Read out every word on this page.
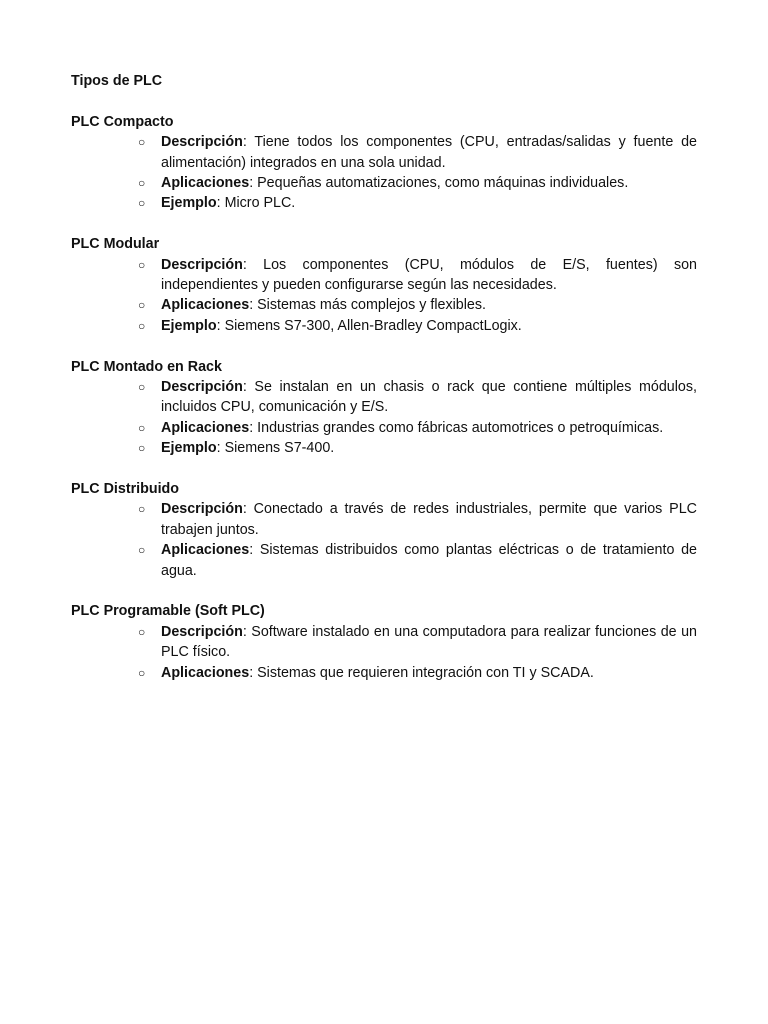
Tipos de PLC
PLC Compacto
○ Descripción: Tiene todos los componentes (CPU, entradas/salidas y fuente de alimentación) integrados en una sola unidad.
○ Aplicaciones: Pequeñas automatizaciones, como máquinas individuales.
○ Ejemplo: Micro PLC.
PLC Modular
○ Descripción: Los componentes (CPU, módulos de E/S, fuentes) son independientes y pueden configurarse según las necesidades.
○ Aplicaciones: Sistemas más complejos y flexibles.
○ Ejemplo: Siemens S7-300, Allen-Bradley CompactLogix.
PLC Montado en Rack
○ Descripción: Se instalan en un chasis o rack que contiene múltiples módulos, incluidos CPU, comunicación y E/S.
○ Aplicaciones: Industrias grandes como fábricas automotrices o petroquímicas.
○ Ejemplo: Siemens S7-400.
PLC Distribuido
○ Descripción: Conectado a través de redes industriales, permite que varios PLC trabajen juntos.
○ Aplicaciones: Sistemas distribuidos como plantas eléctricas o de tratamiento de agua.
PLC Programable (Soft PLC)
○ Descripción: Software instalado en una computadora para realizar funciones de un PLC físico.
○ Aplicaciones: Sistemas que requieren integración con TI y SCADA.
